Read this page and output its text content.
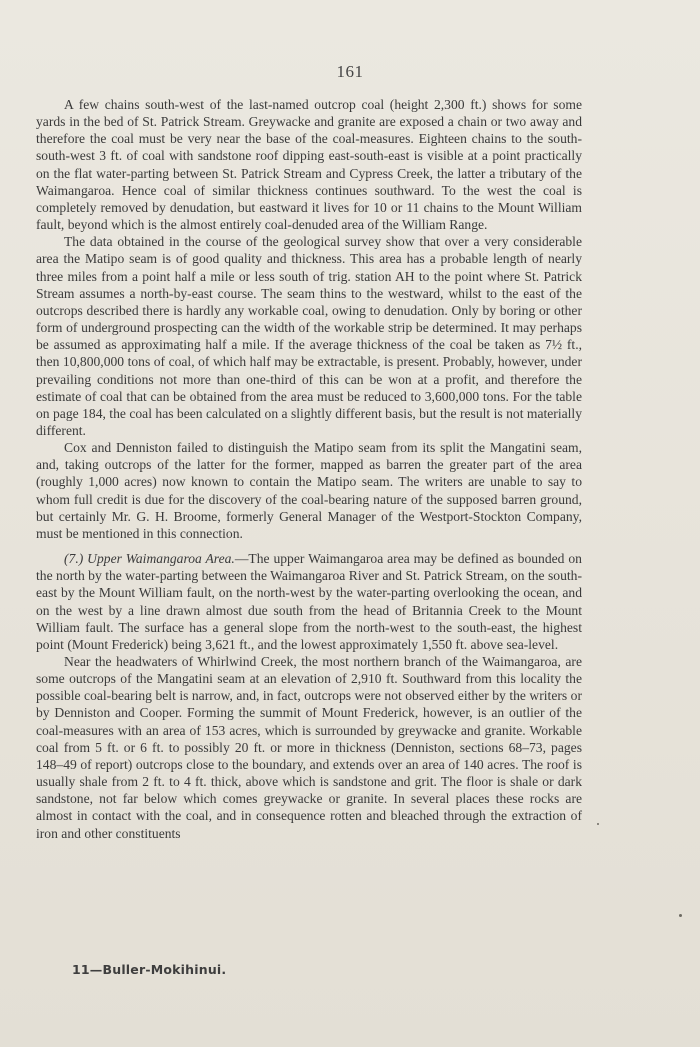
161

A few chains south-west of the last-named outcrop coal (height 2,300 ft.) shows for some yards in the bed of St. Patrick Stream. Greywacke and granite are exposed a chain or two away and therefore the coal must be very near the base of the coal-measures. Eighteen chains to the south-south-west 3 ft. of coal with sandstone roof dipping east-south-east is visible at a point practically on the flat water-parting between St. Patrick Stream and Cypress Creek, the latter a tributary of the Waimangaroa. Hence coal of similar thickness continues southward. To the west the coal is completely removed by denudation, but eastward it lives for 10 or 11 chains to the Mount William fault, beyond which is the almost entirely coal-denuded area of the William Range.

The data obtained in the course of the geological survey show that over a very considerable area the Matipo seam is of good quality and thickness. This area has a probable length of nearly three miles from a point half a mile or less south of trig. station AH to the point where St. Patrick Stream assumes a north-by-east course. The seam thins to the westward, whilst to the east of the outcrops described there is hardly any workable coal, owing to denudation. Only by boring or other form of underground prospecting can the width of the workable strip be determined. It may perhaps be assumed as approximating half a mile. If the average thickness of the coal be taken as 7½ ft., then 10,800,000 tons of coal, of which half may be extractable, is present. Probably, however, under prevailing conditions not more than one-third of this can be won at a profit, and therefore the estimate of coal that can be obtained from the area must be reduced to 3,600,000 tons. For the table on page 184, the coal has been calculated on a slightly different basis, but the result is not materially different.

Cox and Denniston failed to distinguish the Matipo seam from its split the Mangatini seam, and, taking outcrops of the latter for the former, mapped as barren the greater part of the area (roughly 1,000 acres) now known to contain the Matipo seam. The writers are unable to say to whom full credit is due for the discovery of the coal-bearing nature of the supposed barren ground, but certainly Mr. G. H. Broome, formerly General Manager of the Westport-Stockton Company, must be mentioned in this connection.

(7.) Upper Waimangaroa Area.—The upper Waimangaroa area may be defined as bounded on the north by the water-parting between the Waimangaroa River and St. Patrick Stream, on the south-east by the Mount William fault, on the north-west by the water-parting overlooking the ocean, and on the west by a line drawn almost due south from the head of Britannia Creek to the Mount William fault. The surface has a general slope from the north-west to the south-east, the highest point (Mount Frederick) being 3,621 ft., and the lowest approximately 1,550 ft. above sea-level.

Near the headwaters of Whirlwind Creek, the most northern branch of the Waimangaroa, are some outcrops of the Mangatini seam at an elevation of 2,910 ft. Southward from this locality the possible coal-bearing belt is narrow, and, in fact, outcrops were not observed either by the writers or by Denniston and Cooper. Forming the summit of Mount Frederick, however, is an outlier of the coal-measures with an area of 153 acres, which is surrounded by greywacke and granite. Workable coal from 5 ft. or 6 ft. to possibly 20 ft. or more in thickness (Denniston, sections 68–73, pages 148–49 of report) outcrops close to the boundary, and extends over an area of 140 acres. The roof is usually shale from 2 ft. to 4 ft. thick, above which is sandstone and grit. The floor is shale or dark sandstone, not far below which comes greywacke or granite. In several places these rocks are almost in contact with the coal, and in consequence rotten and bleached through the extraction of iron and other constituents

11—Buller-Mokihinui.
